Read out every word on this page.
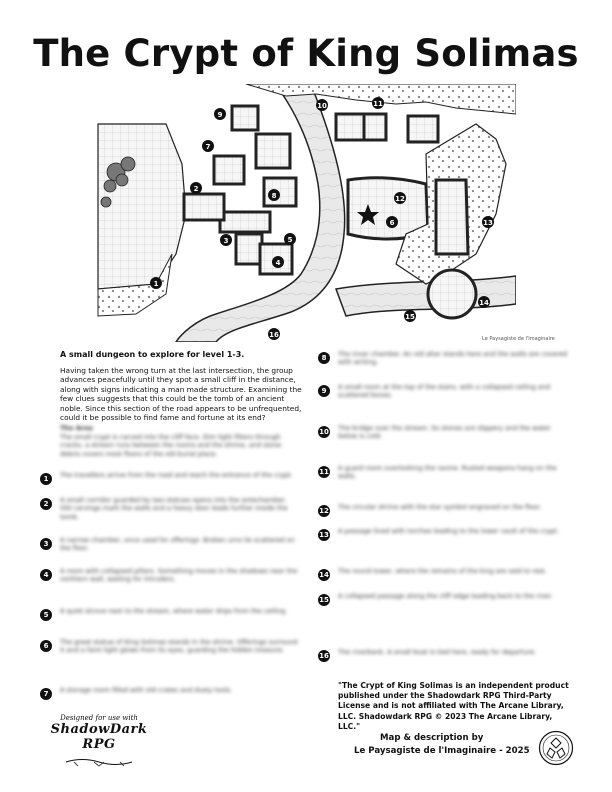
The Crypt of King Solimas
1
2
3
4
5
6
7
8
9
10	11
12
13
14
15
16	Le Paysagiste de l'Imaginaire
A small dungeon to explore for level 1-3.
Having taken the wrong turn at the last intersection, the group advances peacefully until they spot a small cliff in the distance, along with signs indicating a man made structure. Examining the few clues suggests that this could be the tomb of an ancient noble. Since this section of the road appears to be unfrequented, could it be possible to find fame and fortune at its end?
The Area
The small crypt is carved into the cliff face. Dim light filters through cracks, a stream runs between the rooms and the shrine, and stone debris covers most floors of the old burial place.
1	The travellers arrive from the road and reach the entrance of the crypt.
2	A small corridor guarded by two statues opens into the antechamber. Old carvings mark the walls and a heavy door leads further inside the tomb.
3	A narrow chamber, once used for offerings. Broken urns lie scattered on the floor.
4	A room with collapsed pillars. Something moves in the shadows near the northern wall, waiting for intruders.
5	A quiet alcove next to the stream, where water drips from the ceiling.
6	The great statue of King Solimas stands in the shrine. Offerings surround it and a faint light glows from its eyes, guarding the hidden treasure.
7	A storage room filled with old crates and dusty tools.
8	The inner chamber. An old altar stands here and the walls are covered with writing.
9	A small room at the top of the stairs, with a collapsed ceiling and scattered bones.
10 The bridge over the stream. Its stones are slippery and the water below is cold.
11 A guard room overlooking the ravine. Rusted weapons hang on the walls.
12 The circular shrine with the star symbol engraved on the floor.
13 A passage lined with torches leading to the lower vault of the crypt.
14 The round tower, where the remains of the king are said to rest.
15 A collapsed passage along the cliff edge leading back to the river.
16 The riverbank. A small boat is tied here, ready for departure.
Designed for use with
ShadowDark RPG
"The Crypt of King Solimas is an independent product published under the Shadowdark RPG Third-Party License and is not affiliated with The Arcane Library, LLC. Shadowdark RPG © 2023 The Arcane Library, LLC."
Map & description by
Le Paysagiste de l'Imaginaire - 2025
